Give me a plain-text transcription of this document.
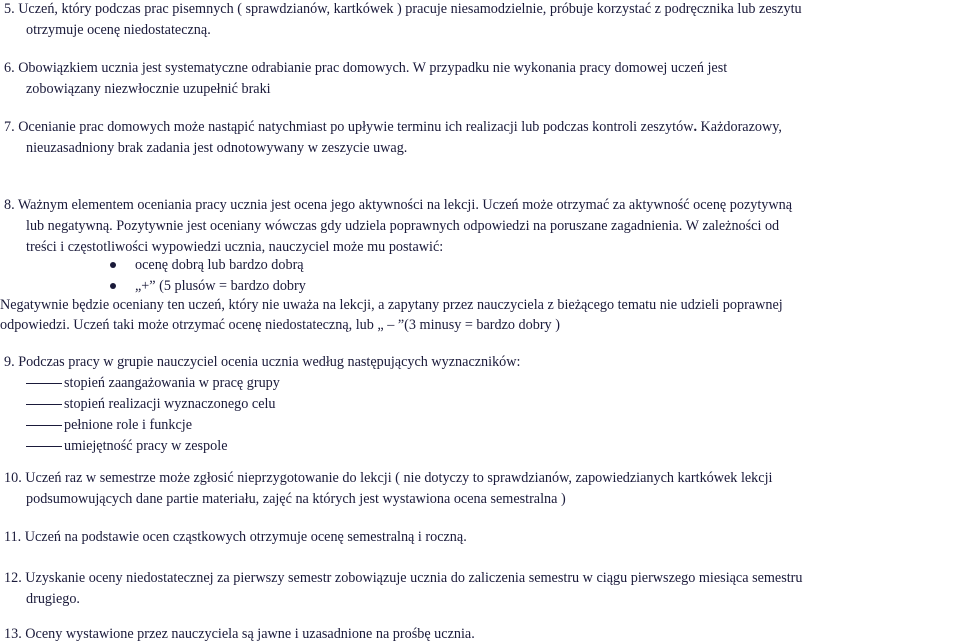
5. Uczeń, który podczas prac pisemnych ( sprawdzianów, kartkówek ) pracuje niesamodzielnie, próbuje korzystać z podręcznika lub zeszytu
otrzymuje ocenę niedostateczną.
6. Obowiązkiem ucznia jest systematyczne odrabianie prac domowych. W przypadku nie wykonania pracy domowej uczeń jest
zobowiązany niezwłocznie uzupełnić braki
7. Ocenianie prac domowych może nastąpić natychmiast po upływie terminu ich realizacji lub podczas kontroli zeszytów. Każdorazowy,
nieuzasadniony brak zadania jest odnotowywany w zeszycie uwag.
8. Ważnym elementem oceniania pracy ucznia jest ocena jego aktywności na lekcji. Uczeń może otrzymać za aktywność ocenę pozytywną
lub negatywną. Pozytywnie jest oceniany wówczas gdy udziela poprawnych odpowiedzi na poruszane zagadnienia. W zależności od
treści i częstotliwości wypowiedzi ucznia, nauczyciel może mu postawić:
ocenę dobrą lub bardzo dobrą
„+” (5 plusów = bardzo dobry
Negatywnie będzie oceniany ten uczeń, który nie uważa na lekcji, a zapytany przez nauczyciela z bieżącego tematu nie udzieli poprawnej
odpowiedzi. Uczeń taki może otrzymać ocenę niedostateczną, lub „ – ”(3 minusy = bardzo dobry )
9. Podczas pracy w grupie nauczyciel ocenia ucznia według następujących wyznaczników:
stopień zaangażowania w pracę grupy
stopień realizacji wyznaczonego celu
pełnione role i funkcje
umiejętność pracy w zespole
10. Uczeń raz w semestrze może zgłosić nieprzygotowanie do lekcji ( nie dotyczy to sprawdzianów, zapowiedzianych kartkówek lekcji
podsumowujących dane partie materiału, zajęć na których jest wystawiona ocena semestralna )
11. Uczeń na podstawie ocen cząstkowych otrzymuje ocenę semestralną i roczną.
12. Uzyskanie oceny niedostatecznej za pierwszy semestr zobowiązuje ucznia do zaliczenia semestru w ciągu pierwszego miesiąca semestru
drugiego.
13. Oceny wystawione przez nauczyciela są jawne i uzasadnione na prośbę ucznia.
